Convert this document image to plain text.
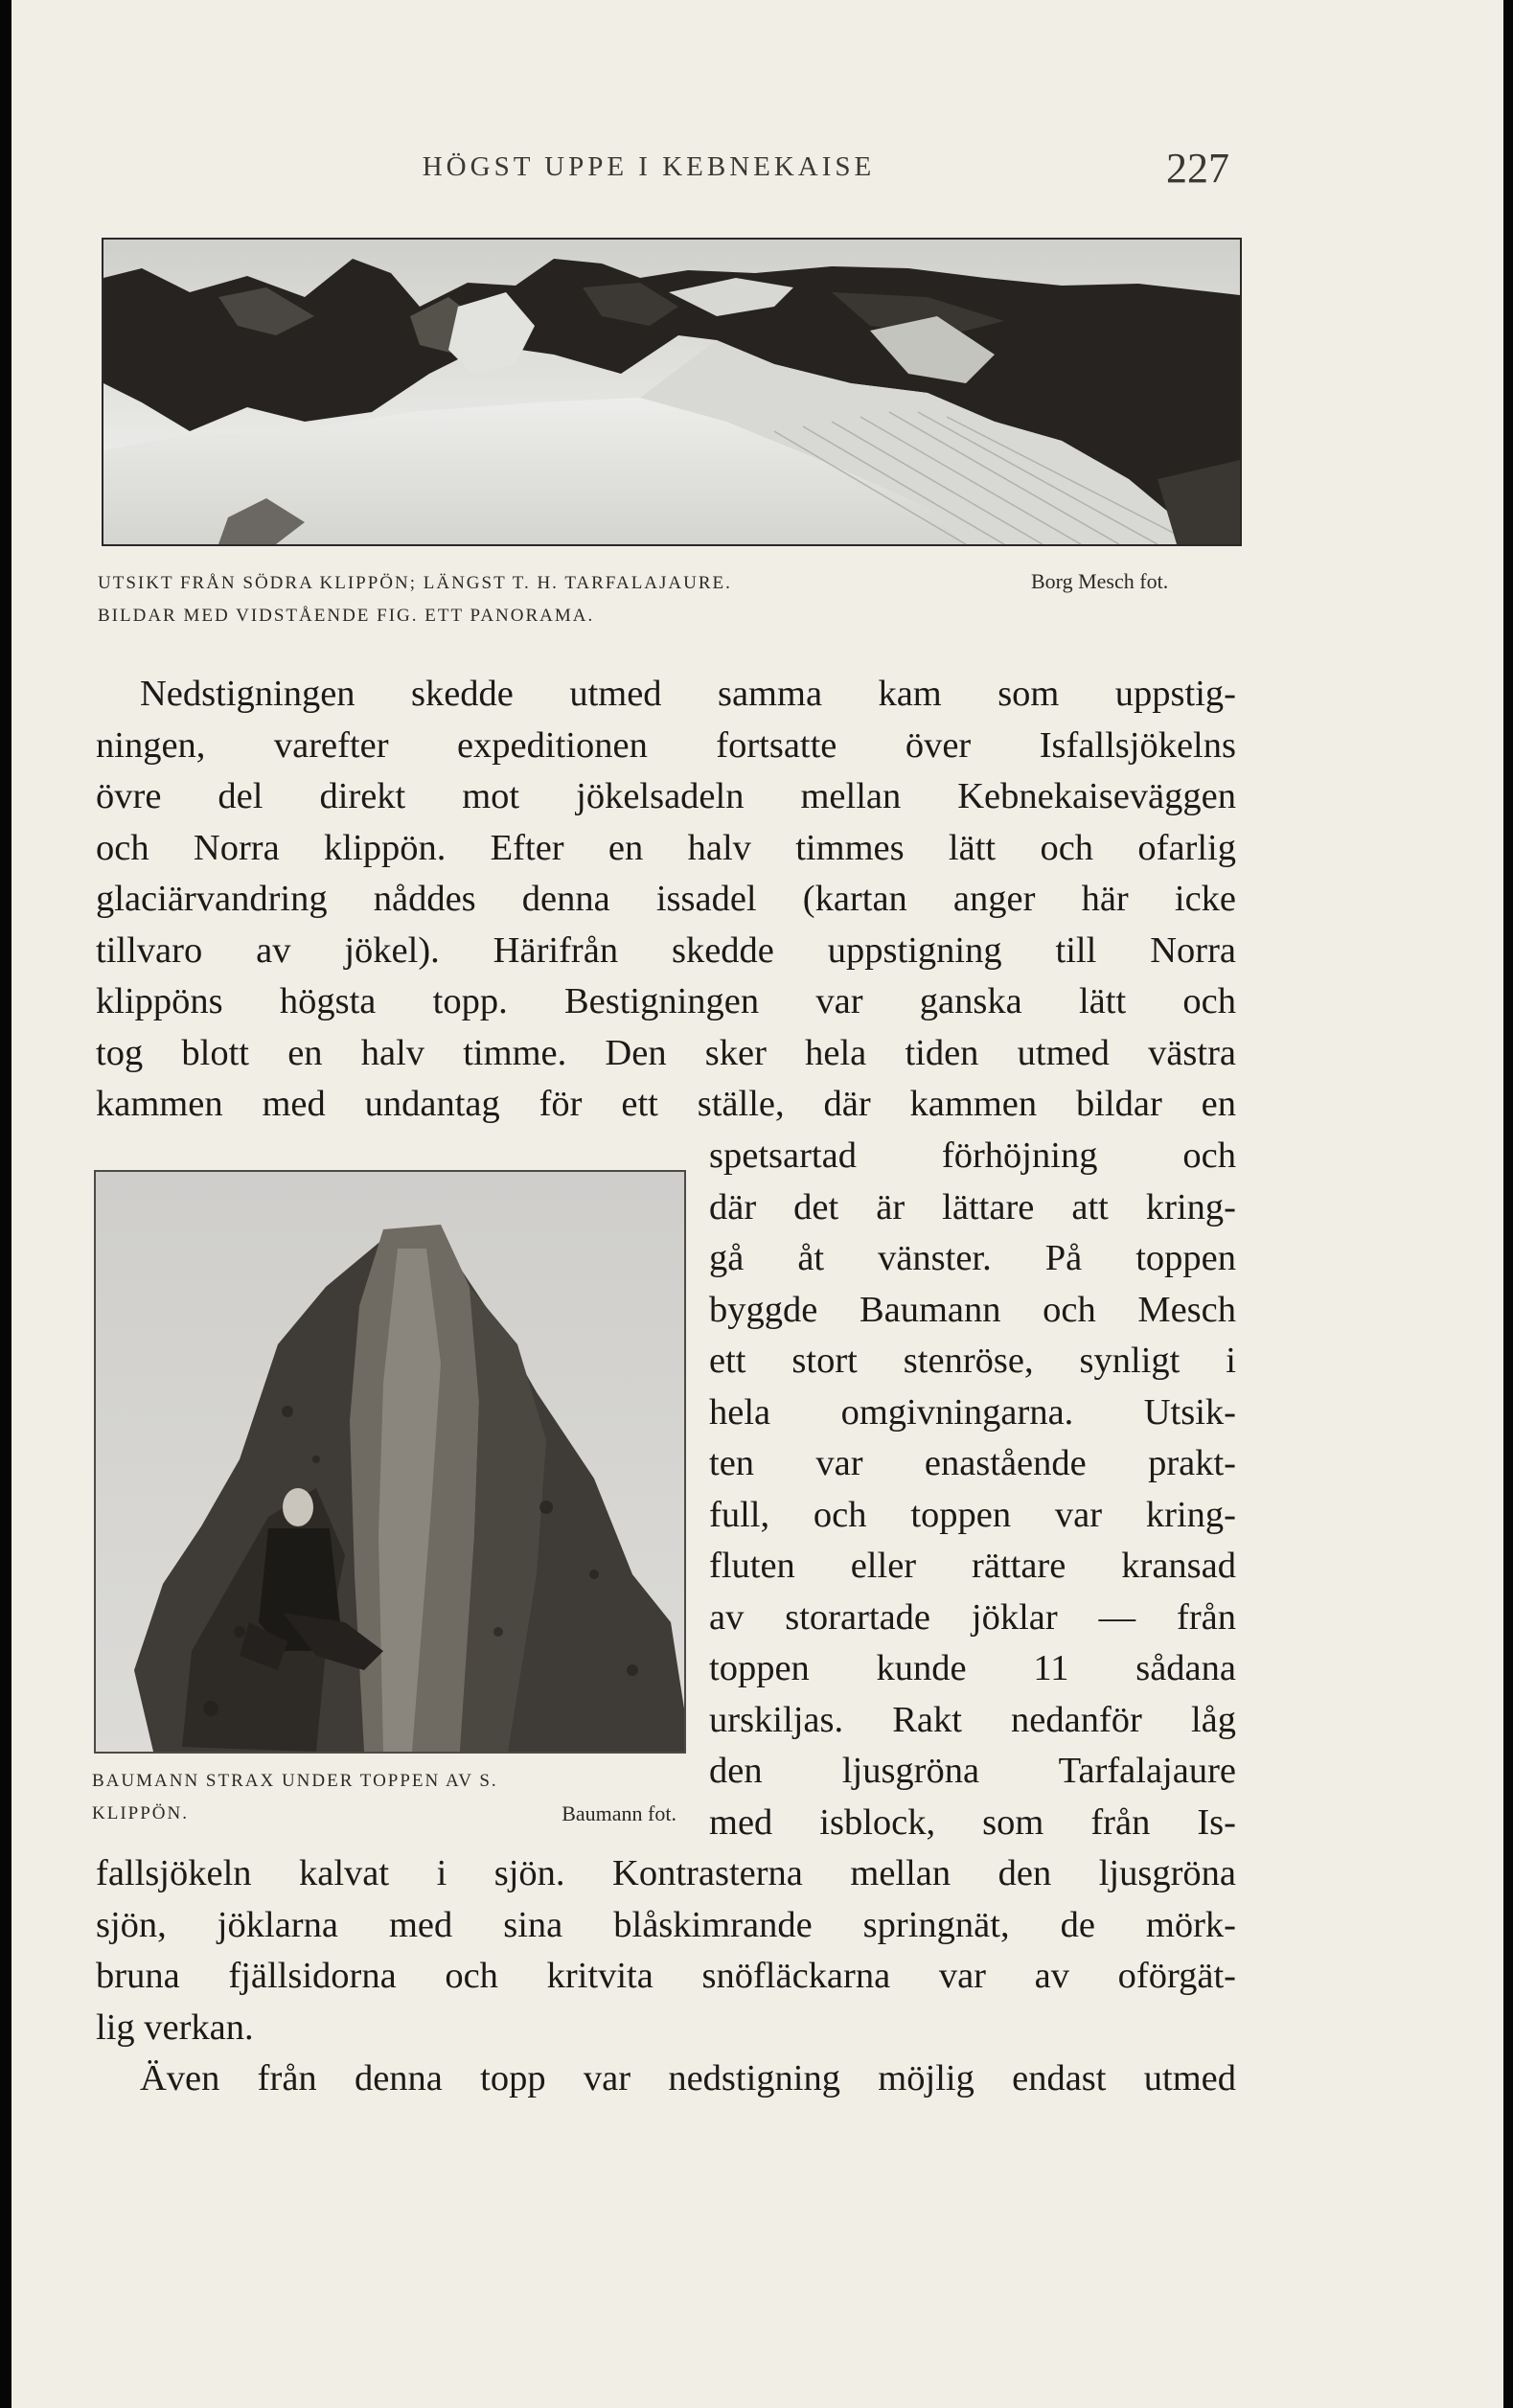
HÖGST UPPE I KEBNEKAISE	227
UTSIKT FRÅN SÖDRA KLIPPÖN; LÄNGST T. H. TARFALAJAURE.
BILDAR MED VIDSTÅENDE FIG. ETT PANORAMA.
Borg Mesch fot.
Nedstigningen skedde utmed samma kam som uppstig-
ningen, varefter expeditionen fortsatte över Isfallsjökelns
övre del direkt mot jökelsadeln mellan Kebnekaiseväggen
och Norra klippön. Efter en halv timmes lätt och ofarlig
glaciärvandring nåddes denna issadel (kartan anger här icke
tillvaro av jökel). Härifrån skedde uppstigning till Norra
klippöns högsta topp. Bestigningen var ganska lätt och
tog blott en halv timme. Den sker hela tiden utmed västra
kammen med undantag för ett ställe, där kammen bildar en
BAUMANN STRAX UNDER TOPPEN AV S.
KLIPPÖN.	Baumann fot.
spetsartad förhöjning och
där det är lättare att kring-
gå åt vänster. På toppen
byggde Baumann och Mesch
ett stort stenröse, synligt i
hela omgivningarna. Utsik-
ten var enastående prakt-
full, och toppen var kring-
fluten eller rättare kransad
av storartade jöklar — från
toppen kunde 11 sådana
urskiljas. Rakt nedanför låg
den ljusgröna Tarfalajaure
med isblock, som från Is-
fallsjökeln kalvat i sjön. Kontrasterna mellan den ljusgröna
sjön, jöklarna med sina blåskimrande springnät, de mörk-
bruna fjällsidorna och kritvita snöfläckarna var av oförgät-
lig verkan.
Även från denna topp var nedstigning möjlig endast utmed
